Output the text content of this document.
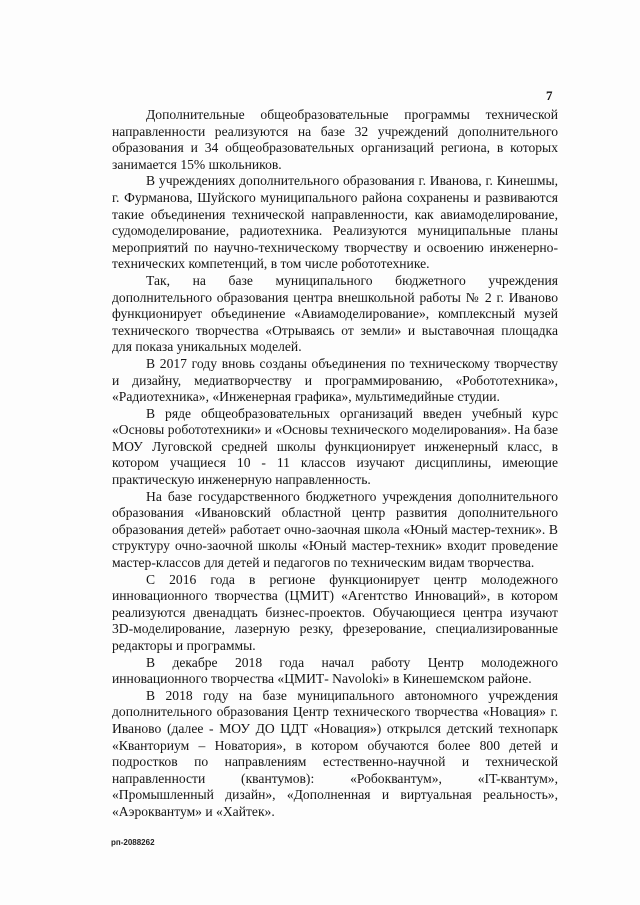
7

Дополнительные общеобразовательные программы технической направленности реализуются на базе 32 учреждений дополнительного образования и 34 общеобразовательных организаций региона, в которых занимается 15% школьников.

В учреждениях дополнительного образования г. Иванова, г. Кинешмы, г. Фурманова, Шуйского муниципального района сохранены и развиваются такие объединения технической направленности, как авиамоделирование, судомоделирование, радиотехника. Реализуются муниципальные планы мероприятий по научно-техническому творчеству и освоению инженерно-технических компетенций, в том числе робототехнике.

Так, на базе муниципального бюджетного учреждения дополнительного образования центра внешкольной работы № 2 г. Иваново функционирует объединение «Авиамоделирование», комплексный музей технического творчества «Отрываясь от земли» и выставочная площадка для показа уникальных моделей.

В 2017 году вновь созданы объединения по техническому творчеству и дизайну, медиатворчеству и программированию, «Робототехника», «Радиотехника», «Инженерная графика», мультимедийные студии.

В ряде общеобразовательных организаций введен учебный курс «Основы робототехники» и «Основы технического моделирования». На базе МОУ Луговской средней школы функционирует инженерный класс, в котором учащиеся 10 - 11 классов изучают дисциплины, имеющие практическую инженерную направленность.

На базе государственного бюджетного учреждения дополнительного образования «Ивановский областной центр развития дополнительного образования детей» работает очно-заочная школа «Юный мастер-техник». В структуру очно-заочной школы «Юный мастер-техник» входит проведение мастер-классов для детей и педагогов по техническим видам творчества.

С 2016 года в регионе функционирует центр молодежного инновационного творчества (ЦМИТ) «Агентство Инноваций», в котором реализуются двенадцать бизнес-проектов. Обучающиеся центра изучают 3D-моделирование, лазерную резку, фрезерование, специализированные редакторы и программы.

В декабре 2018 года начал работу Центр молодежного инновационного творчества «ЦМИТ- Navoloki» в Кинешемском районе.

В 2018 году на базе муниципального автономного учреждения дополнительного образования Центр технического творчества «Новация» г. Иваново (далее - МОУ ДО ЦДТ «Новация») открылся детский технопарк «Кванториум – Новатория», в котором обучаются более 800 детей и подростков по направлениям естественно-научной и технической направленности (квантумов): «Робоквантум», «IT-квантум», «Промышленный дизайн», «Дополненная и виртуальная реальность», «Аэроквантум» и «Хайтек».

рп-2088262
